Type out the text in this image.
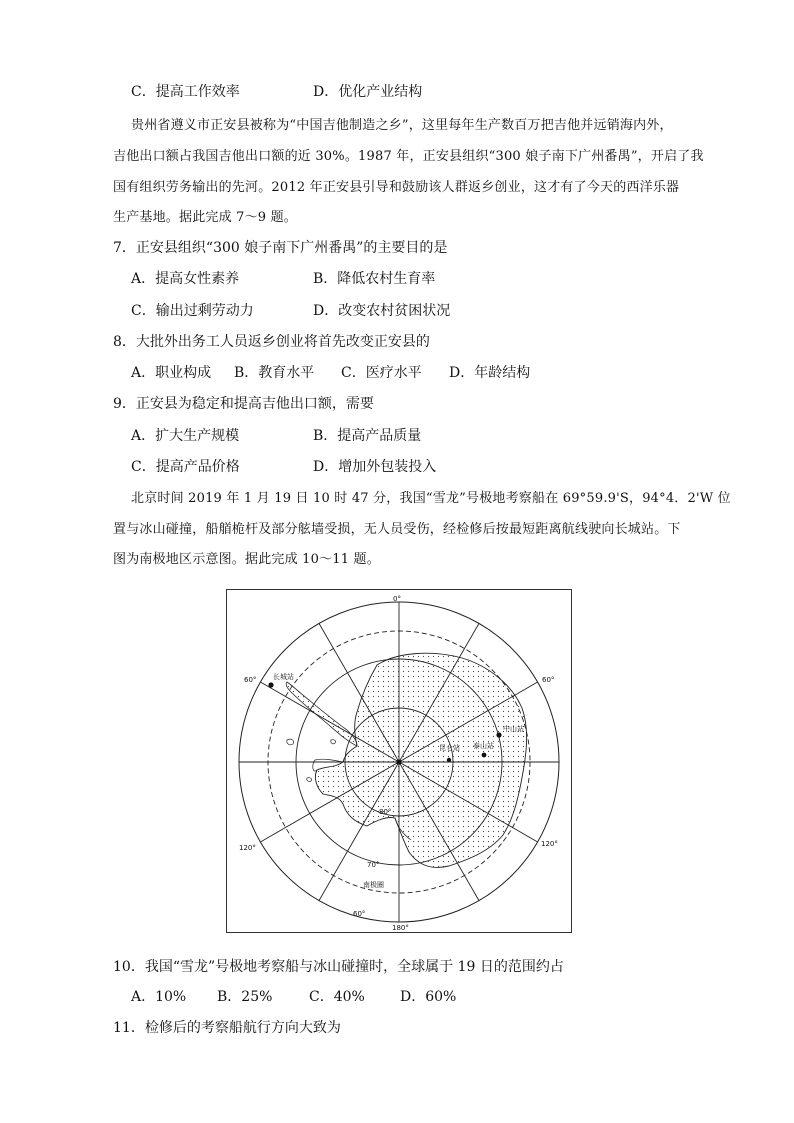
C．提高工作效率	D．优化产业结构
贵州省遵义市正安县被称为“中国吉他制造之乡”，这里每年生产数百万把吉他并远销海内外，
吉他出口额占我国吉他出口额的近 30%。1987 年，正安县组织“300 娘子南下广州番禺”，开启了我
国有组织劳务输出的先河。2012 年正安县引导和鼓励该人群返乡创业，这才有了今天的西洋乐器
生产基地。据此完成 7～9 题。
7．正安县组织“300 娘子南下广州番禺”的主要目的是
A．提高女性素养	B．降低农村生育率
C．输出过剩劳动力	D．改变农村贫困状况
8．大批外出务工人员返乡创业将首先改变正安县的
A．职业构成 B．教育水平 C．医疗水平 D．年龄结构
9．正安县为稳定和提高吉他出口额，需要
A．扩大生产规模	B．提高产品质量
C．提高产品价格	D．增加外包装投入
北京时间 2019 年 1 月 19 日 10 时 47 分，我国“雪龙”号极地考察船在 69°59.9'S，94°4．2'W 位
置与冰山碰撞，船艏桅杆及部分舷墙受损，无人员受伤，经检修后按最短距离航线驶向长城站。下
图为南极地区示意图。据此完成 10～11 题。
0°
60°	60°
120°	120°
180°
80°
70°
60°
南极圈
长城站
中山站
昆仑站 泰山站
10．我国“雪龙”号极地考察船与冰山碰撞时，全球属于 19 日的范围约占
A．10% B．25%	C．40%	D．60%
11．检修后的考察船航行方向大致为
